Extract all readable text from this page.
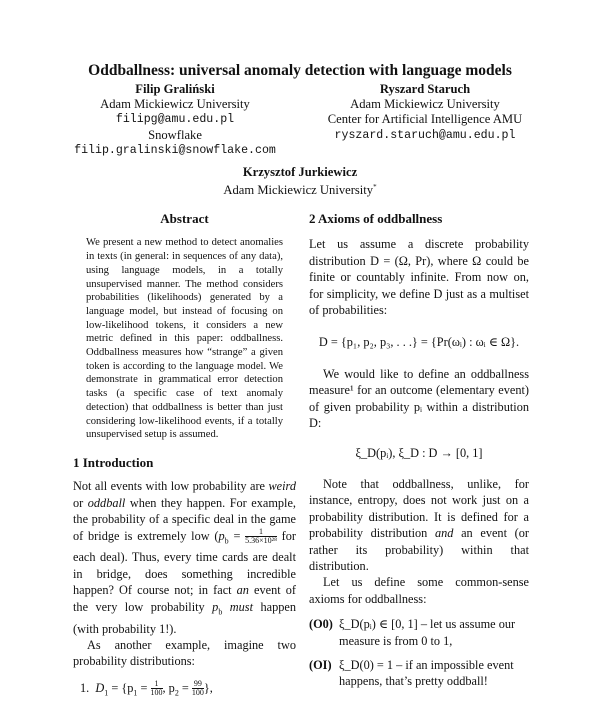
Oddballness: universal anomaly detection with language models
Filip Graliński
Adam Mickiewicz University
filipg@amu.edu.pl
Snowflake
filip.gralinski@snowflake.com
Ryszard Staruch
Adam Mickiewicz University
Center for Artificial Intelligence AMU
ryszard.staruch@amu.edu.pl
Krzysztof Jurkiewicz
Adam Mickiewicz University*
Abstract
We present a new method to detect anomalies in texts (in general: in sequences of any data), using language models, in a totally unsupervised manner. The method considers probabilities (likelihoods) generated by a language model, but instead of focusing on low-likelihood tokens, it considers a new metric defined in this paper: oddballness. Oddballness measures how “strange” a given token is according to the language model. We demonstrate in grammatical error detection tasks (a specific case of text anomaly detection) that oddballness is better than just considering low-likelihood events, if a totally unsupervised setup is assumed.
1 Introduction

Not all events with low probability are weird or oddball when they happen. For example, the probability of a specific deal in the game of bridge is extremely low ($p_b = \frac{1}{\text{5.36×10²⁸}}$ for each deal). Thus, every time cards are dealt in bridge, does something incredible happen? Of course not; in fact an event of the very low probability $p_b$ must happen (with probability 1!).

As another example, imagine two probability distributions:

1. $D_1 = \{p_1 = \frac{1}{100}$ , $p_2 = \frac{99}{100}$ },

2 Axioms of oddballness

Let us assume a discrete probability distribution D = (Ω, Pr), where Ω could be finite or countably infinite. From now on, for simplicity, we define D just as a multiset of probabilities:

D = {p₁, p₂, p₃, . . .} = {Pr(ωᵢ) : ωᵢ ∈ Ω}.

We would like to define an oddballness measure¹ for an outcome (elementary event) of given probability pᵢ within a distribution D:

ξ_D(pᵢ), ξ_D : D → [0, 1]

Note that oddballness, unlike, for instance, entropy, does not work just on a probability distribution. It is defined for a probability distribution and an event (or rather its probability) within that distribution.

Let us define some common-sense axioms for oddballness:

(O0) ξ_D(pᵢ) ∈ [0, 1] – let us assume our measure is from 0 to 1,
(OI) ξ_D(0) = 1 – if an impossible event happens, that’s pretty oddball!
